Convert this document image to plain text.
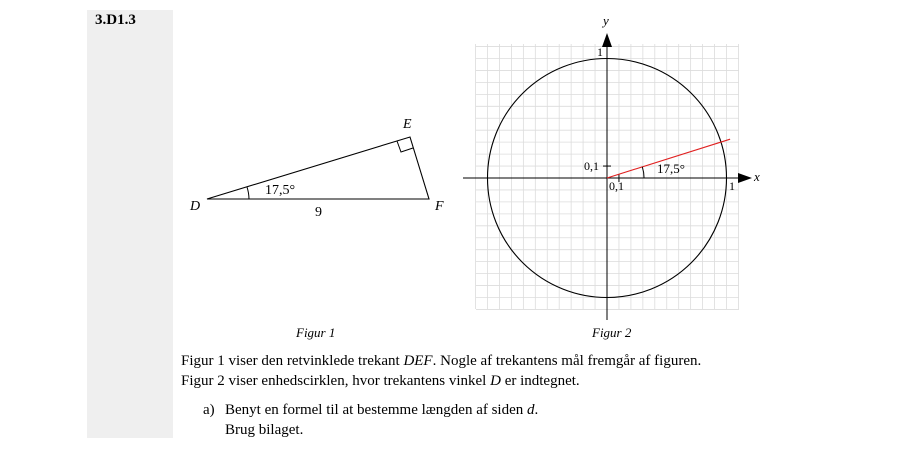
3.D1.3
D
E
F
17,5°
9
y
x
1
1
0,1
0,1	17,5°
Figur 1	Figur 2
Figur 1 viser den retvinklede trekant DEF. Nogle af trekantens mål fremgår af figuren.
Figur 2 viser enhedscirklen, hvor trekantens vinkel D er indtegnet.
a) Benyt en formel til at bestemme længden af siden d.
Brug bilaget.
